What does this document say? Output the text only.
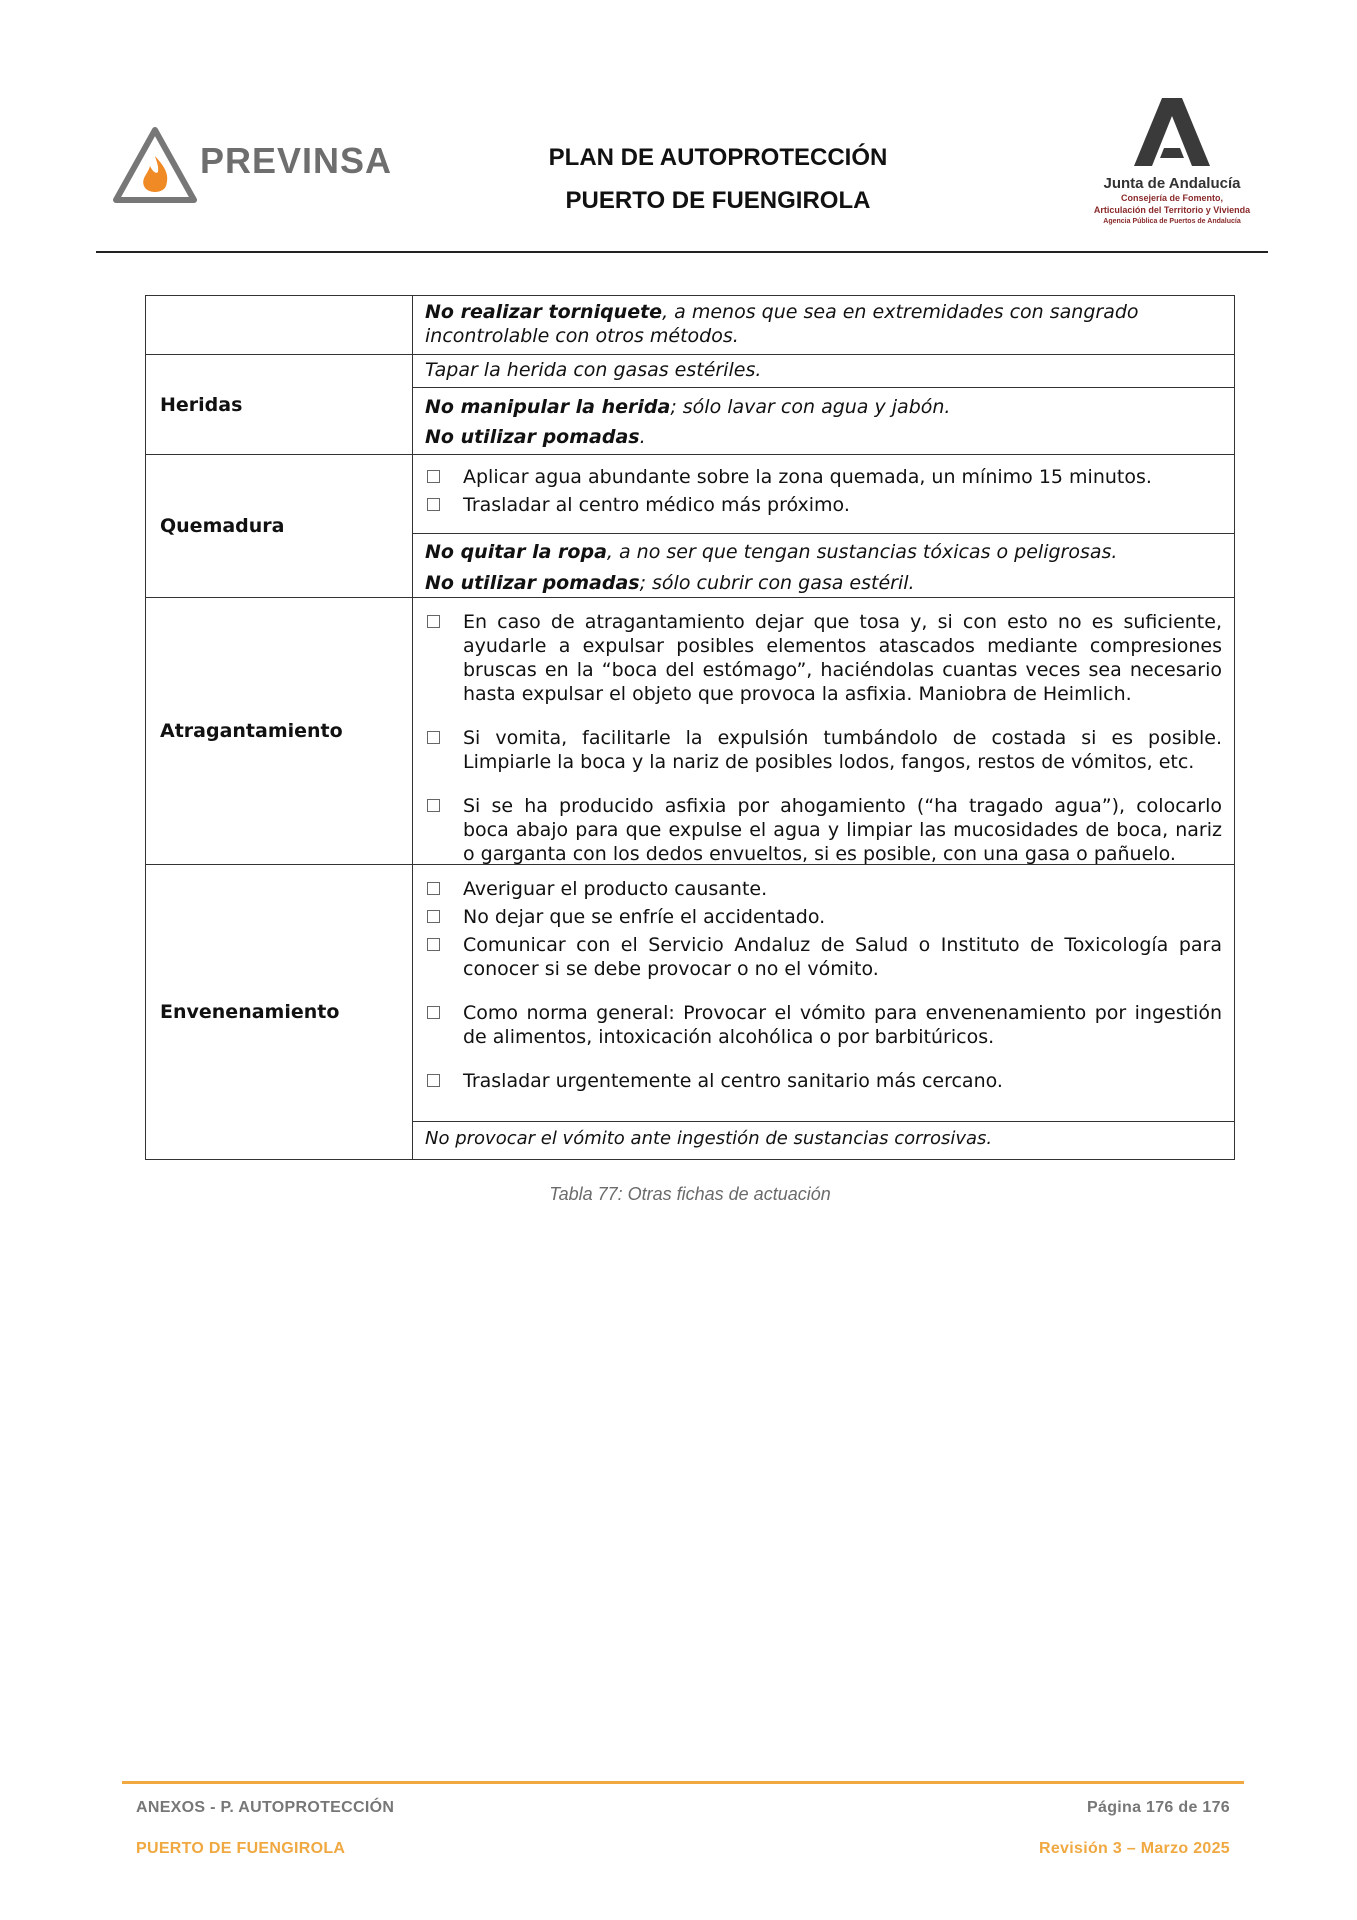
PREVINSA	PLAN DE AUTOPROTECCIÓN
PUERTO DE FUENGIROLA
Junta de Andalucía
Consejería de Fomento,
Articulación del Territorio y Vivienda
Agencia Pública de Puertos de Andalucía

	No realizar torniquete, a menos que sea en extremidades con sangrado incontrolable con otros métodos.

Heridas	Tapar la herida con gasas estériles.

	No manipular la herida; sólo lavar con agua y jabón.
No utilizar pomadas.

Quemadura	Aplicar agua abundante sobre la zona quemada, un mínimo 15 minutos.
Trasladar al centro médico más próximo.

	No quitar la ropa, a no ser que tengan sustancias tóxicas o peligrosas.
No utilizar pomadas; sólo cubrir con gasa estéril.

Atragantamiento	En caso de atragantamiento dejar que tosa y, si con esto no es suficiente, ayudarle a expulsar posibles elementos atascados mediante compresiones bruscas en la “boca del estómago”, haciéndolas cuantas veces sea necesario hasta expulsar el objeto que provoca la asfixia. Maniobra de Heimlich.
Si vomita, facilitarle la expulsión tumbándolo de costada si es posible. Limpiarle la boca y la nariz de posibles lodos, fangos, restos de vómitos, etc.
Si se ha producido asfixia por ahogamiento (“ha tragado agua”), colocarlo boca abajo para que expulse el agua y limpiar las mucosidades de boca, nariz o garganta con los dedos envueltos, si es posible, con una gasa o pañuelo.

Envenenamiento	Averiguar el producto causante.
No dejar que se enfríe el accidentado.
Comunicar con el Servicio Andaluz de Salud o Instituto de Toxicología para conocer si se debe provocar o no el vómito.
Como norma general: Provocar el vómito para envenenamiento por ingestión de alimentos, intoxicación alcohólica o por barbitúricos.
Trasladar urgentemente al centro sanitario más cercano.

	No provocar el vómito ante ingestión de sustancias corrosivas.
Tabla 77: Otras fichas de actuación
ANEXOS - P. AUTOPROTECCIÓN	Página 176 de 176
PUERTO DE FUENGIROLA	Revisión 3 – Marzo 2025
